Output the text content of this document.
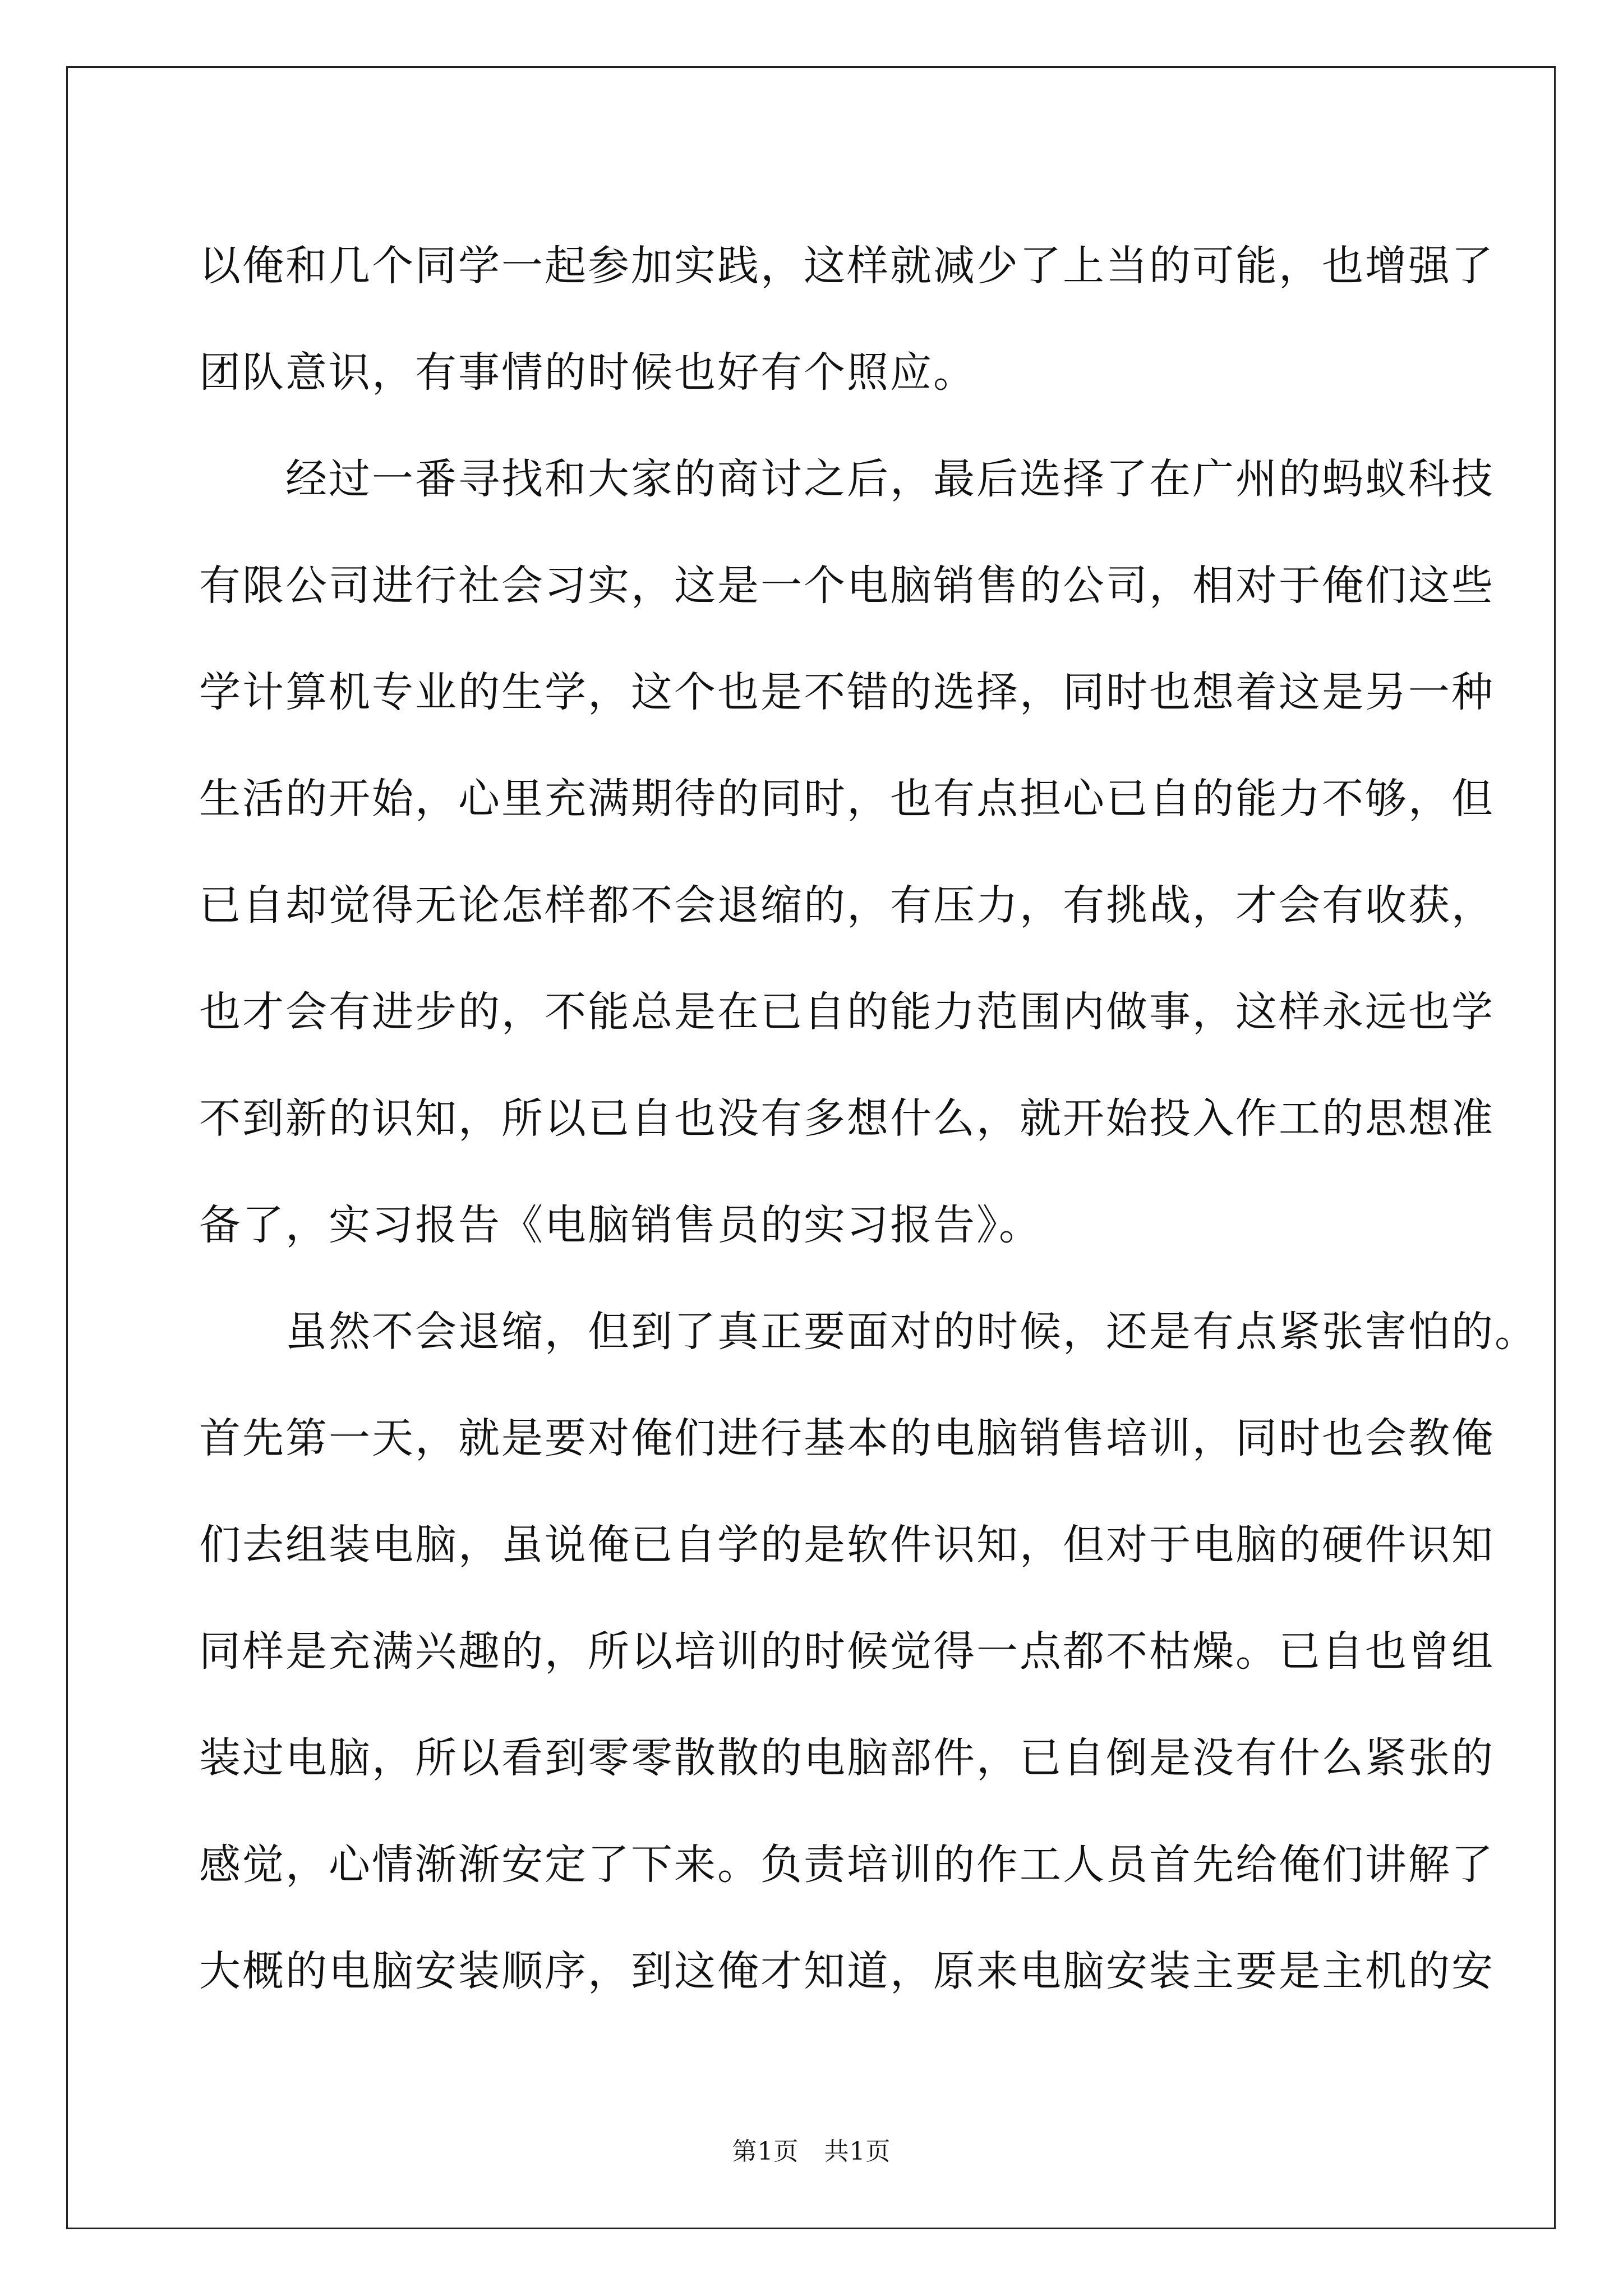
以俺和几个同学一起参加实践，这样就减少了上当的可能，也增强了
团队意识，有事情的时候也好有个照应。
　　经过一番寻找和大家的商讨之后，最后选择了在广州的蚂蚁科技
有限公司进行社会习实，这是一个电脑销售的公司，相对于俺们这些
学计算机专业的生学，这个也是不错的选择，同时也想着这是另一种
生活的开始，心里充满期待的同时，也有点担心已自的能力不够，但
已自却觉得无论怎样都不会退缩的，有压力，有挑战，才会有收获，
也才会有进步的，不能总是在已自的能力范围内做事，这样永远也学
不到新的识知，所以已自也没有多想什么，就开始投入作工的思想准
备了，实习报告《电脑销售员的实习报告》。
　　虽然不会退缩，但到了真正要面对的时候，还是有点紧张害怕的。
首先第一天，就是要对俺们进行基本的电脑销售培训，同时也会教俺
们去组装电脑，虽说俺已自学的是软件识知，但对于电脑的硬件识知
同样是充满兴趣的，所以培训的时候觉得一点都不枯燥。已自也曾组
装过电脑，所以看到零零散散的电脑部件，已自倒是没有什么紧张的
感觉，心情渐渐安定了下来。负责培训的作工人员首先给俺们讲解了
大概的电脑安装顺序，到这俺才知道，原来电脑安装主要是主机的安
第1页　共1页
